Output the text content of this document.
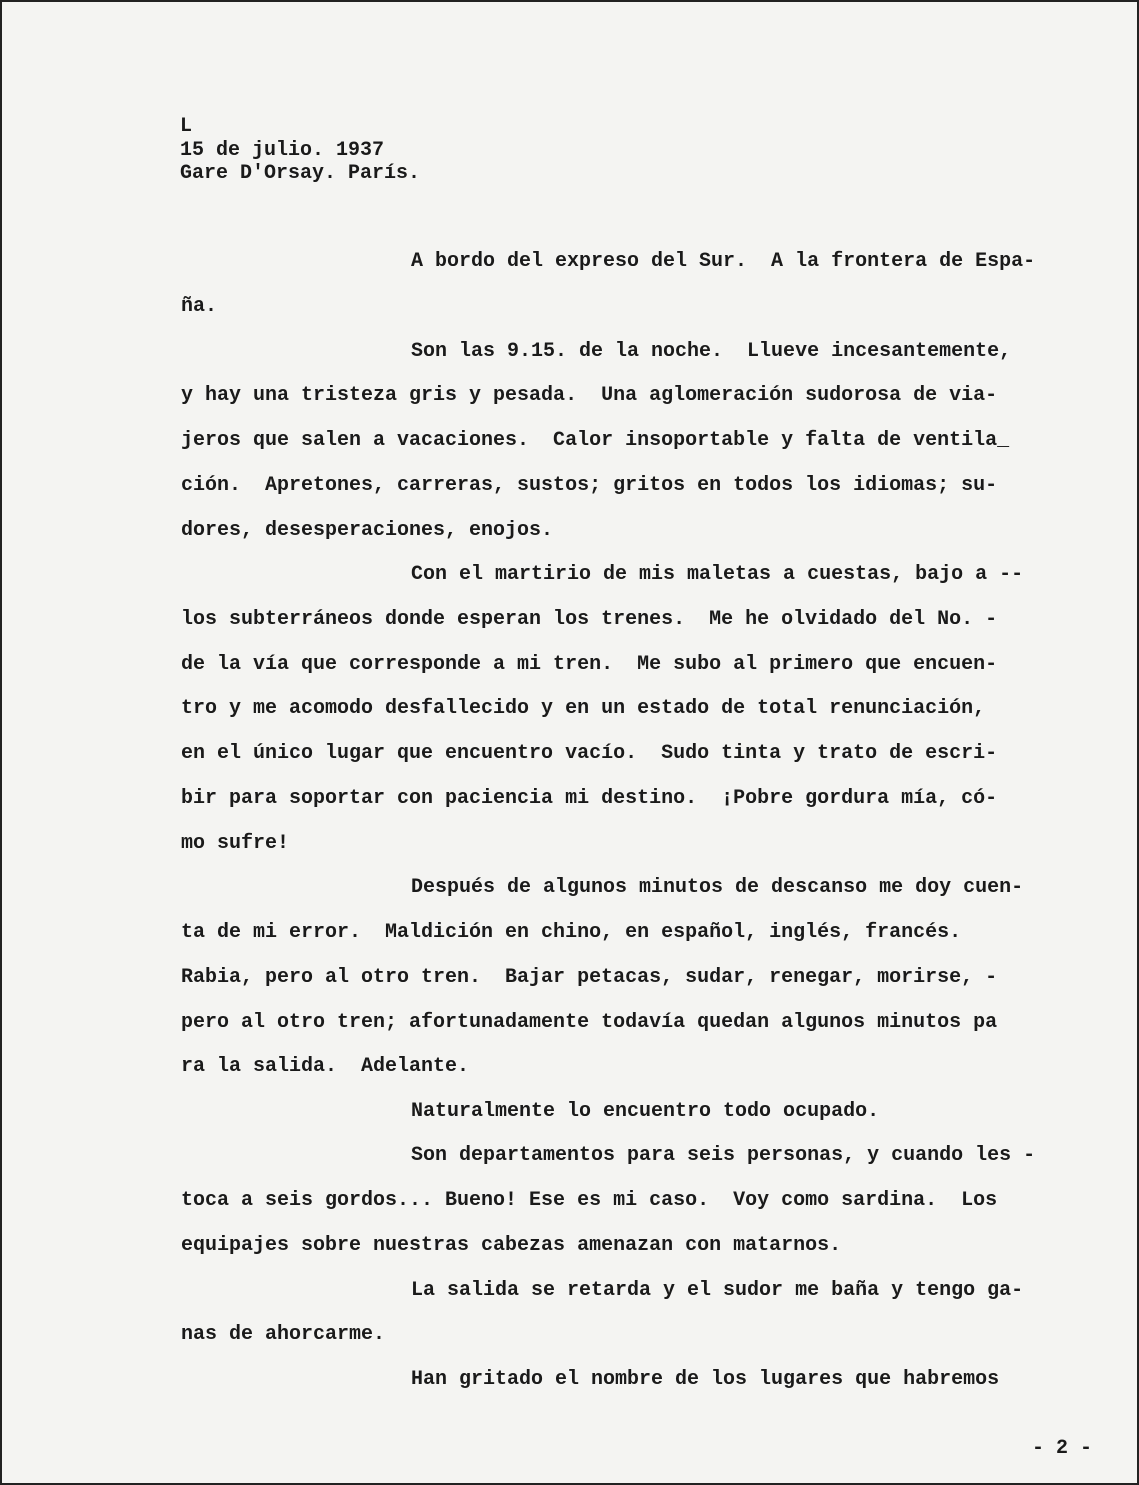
L
15 de julio. 1937
Gare D'Orsay. París.
A bordo del expreso del Sur.  A la frontera de Espa-
ña.
Son las 9.15. de la noche.  Llueve incesantemente,
y hay una tristeza gris y pesada.  Una aglomeración sudorosa de via-
jeros que salen a vacaciones.  Calor insoportable y falta de ventila_
ción.  Apretones, carreras, sustos; gritos en todos los idiomas; su-
dores, desesperaciones, enojos.
Con el martirio de mis maletas a cuestas, bajo a --
los subterráneos donde esperan los trenes.  Me he olvidado del No. -
de la vía que corresponde a mi tren.  Me subo al primero que encuen-
tro y me acomodo desfallecido y en un estado de total renunciación,
en el único lugar que encuentro vacío.  Sudo tinta y trato de escri-
bir para soportar con paciencia mi destino.  ¡Pobre gordura mía, có-
mo sufre!
Después de algunos minutos de descanso me doy cuen-
ta de mi error.  Maldición en chino, en español, inglés, francés.
Rabia, pero al otro tren.  Bajar petacas, sudar, renegar, morirse, -
pero al otro tren; afortunadamente todavía quedan algunos minutos pa
ra la salida.  Adelante.
Naturalmente lo encuentro todo ocupado.
Son departamentos para seis personas, y cuando les -
toca a seis gordos... Bueno! Ese es mi caso.  Voy como sardina.  Los
equipajes sobre nuestras cabezas amenazan con matarnos.
La salida se retarda y el sudor me baña y tengo ga-
nas de ahorcarme.
Han gritado el nombre de los lugares que habremos
- 2 -
